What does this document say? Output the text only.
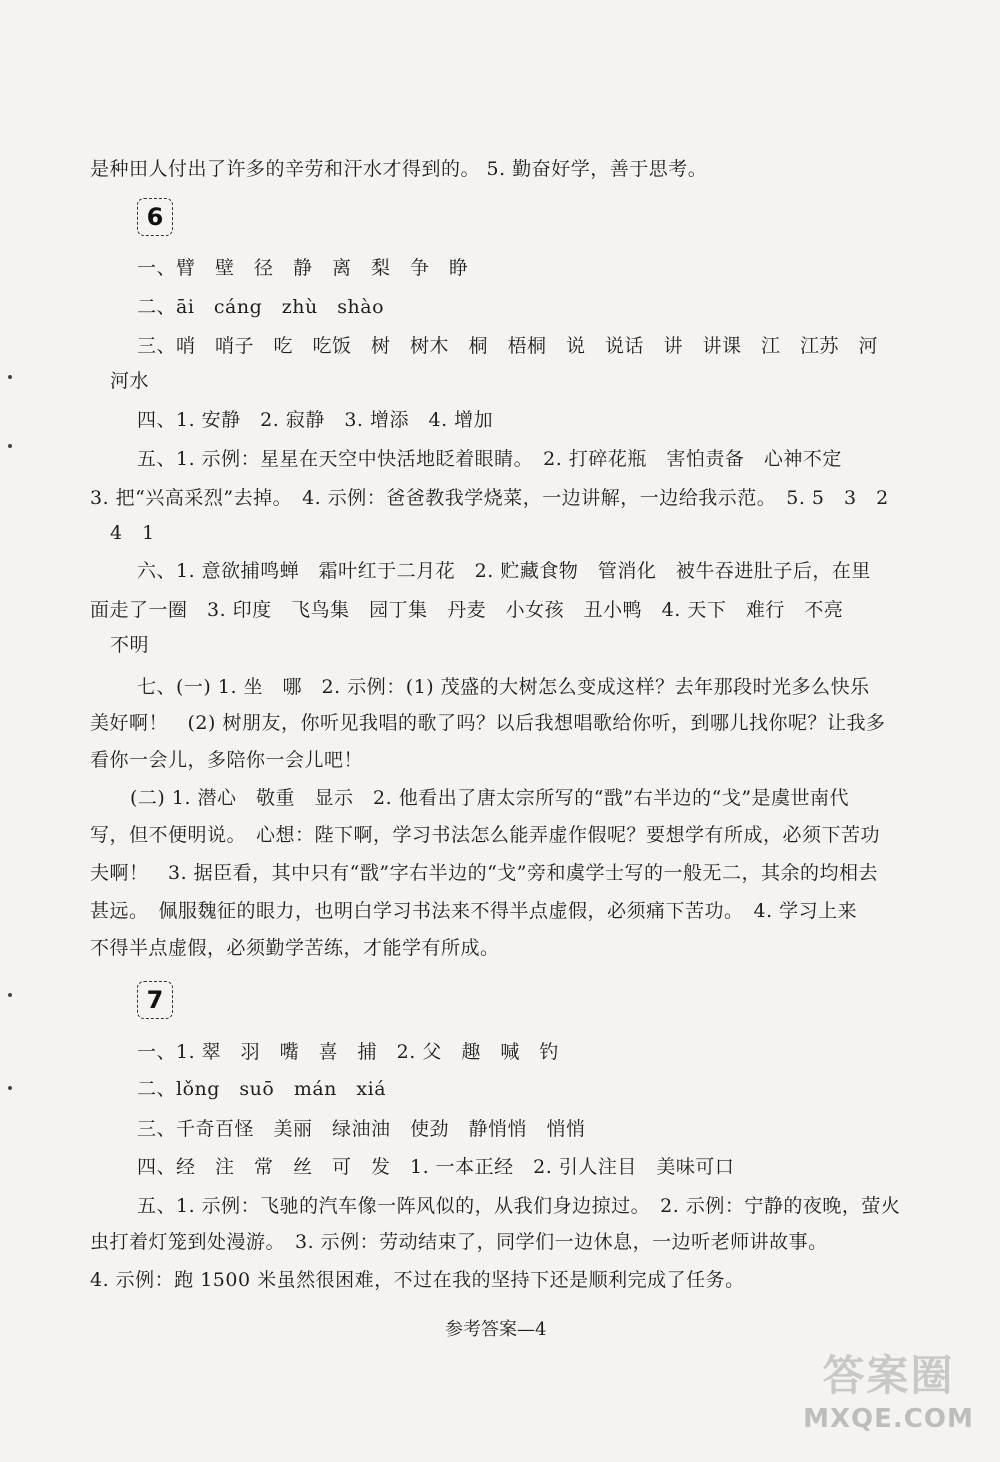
是种田人付出了许多的辛劳和汗水才得到的。 5. 勤奋好学，善于思考。
6
一、臂　壁　径　静　离　梨　争　睁
二、āi　cáng　zhù　shào
三、哨　哨子　吃　吃饭　树　树木　桐　梧桐　说　说话　讲　讲课　江　江苏　河
河水
四、1. 安静　2. 寂静　3. 增添　4. 增加
五、1. 示例：星星在天空中快活地眨着眼睛。　2. 打碎花瓶　害怕责备　心神不定
3. 把“兴高采烈”去掉。　4. 示例：爸爸教我学烧菜，一边讲解，一边给我示范。　5. 5　3　2
4　1
六、1. 意欲捕鸣蝉　霜叶红于二月花　2. 贮藏食物　管消化　被牛吞进肚子后，在里
面走了一圈　3. 印度　飞鸟集　园丁集　丹麦　小女孩　丑小鸭　4. 天下　难行　不亮
不明
七、(一) 1. 坐　哪　2. 示例：(1) 茂盛的大树怎么变成这样？去年那段时光多么快乐
美好啊！　(2) 树朋友，你听见我唱的歌了吗？以后我想唱歌给你听，到哪儿找你呢？让我多
看你一会儿，多陪你一会儿吧！
(二) 1. 潜心　敬重　显示　2. 他看出了唐太宗所写的“戬”右半边的“戈”是虞世南代
写，但不便明说。　心想：陛下啊，学习书法怎么能弄虚作假呢？要想学有所成，必须下苦功
夫啊！　3. 据臣看，其中只有“戬”字右半边的“戈”旁和虞学士写的一般无二，其余的均相去
甚远。　佩服魏征的眼力，也明白学习书法来不得半点虚假，必须痛下苦功。　4. 学习上来
不得半点虚假，必须勤学苦练，才能学有所成。
7
一、1. 翠　羽　嘴　喜　捕　2. 父　趣　喊　钓
二、lǒng　suō　mán　xiá
三、千奇百怪　美丽　绿油油　使劲　静悄悄　悄悄
四、经　注　常　丝　可　发　1. 一本正经　2. 引人注目　美味可口
五、1. 示例：飞驰的汽车像一阵风似的，从我们身边掠过。　2. 示例：宁静的夜晚，萤火
虫打着灯笼到处漫游。　3. 示例：劳动结束了，同学们一边休息，一边听老师讲故事。
4. 示例：跑 1500 米虽然很困难，不过在我的坚持下还是顺利完成了任务。
参考答案—4
答案圈
MXQE.COM
